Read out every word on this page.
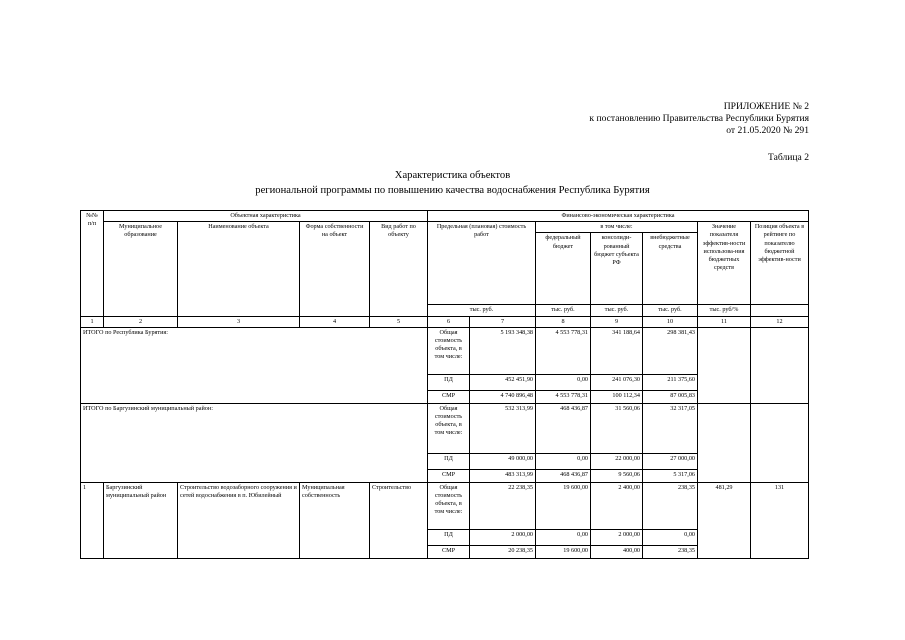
ПРИЛОЖЕНИЕ № 2
к постановлению Правительства Республики Бурятия
от 21.05.2020 № 291
Таблица 2
Характеристика объектов
региональной программы по повышению качества водоснабжения Республика Бурятия
№№ п/п	Объектная характеристика				Финансово-экономическая характеристика						
	Муниципальное образование	Наименование объекта	Форма собственности на объект	Вид работ по объекту	Предельная (плановая) стоимость работ		в том числе:			Значение показателя эффектив-ности использова-ния бюджетных средств	Позиция объекта в рейтинге по показателю бюджетной эффектив-ности
							федеральный бюджет	консолиди-рованный бюджет субъекта РФ	внебюджетные средства		
					тыс. руб.		тыс. руб.	тыс. руб.	тыс. руб.	тыс. руб/%	
1	2	3	4	5	6	7	8	9	10	11	12
ИТОГО по Республика Бурятия:					Общая стоимость объекта, в том числе:	5 193 348,38	4 553 778,31	341 188,64	298 381,43		
					ПД	452 451,90	0,00	241 076,30	211 375,60		
					СМР	4 740 896,48	4 553 778,31	100 112,34	87 005,83		
ИТОГО по Баргузинский муниципальный район:					Общая стоимость объекта, в том числе:	532 313,99	468 436,87	31 560,06	32 317,05		
					ПД	49 000,00	0,00	22 000,00	27 000,00		
					СМР	483 313,99	468 436,87	9 560,06	5 317,06		
1	Баргузинский муниципальный район	Строительство водозаборного сооружения и сетей водоснабжения в п. Юбилейный	Муниципальная собственность	Строительство	Общая стоимость объекта, в том числе:	22 238,35	19 600,00	2 400,00	238,35	481,29	131
					ПД	2 000,00	0,00	2 000,00	0,00		
					СМР	20 238,35	19 600,00	400,00	238,35		
